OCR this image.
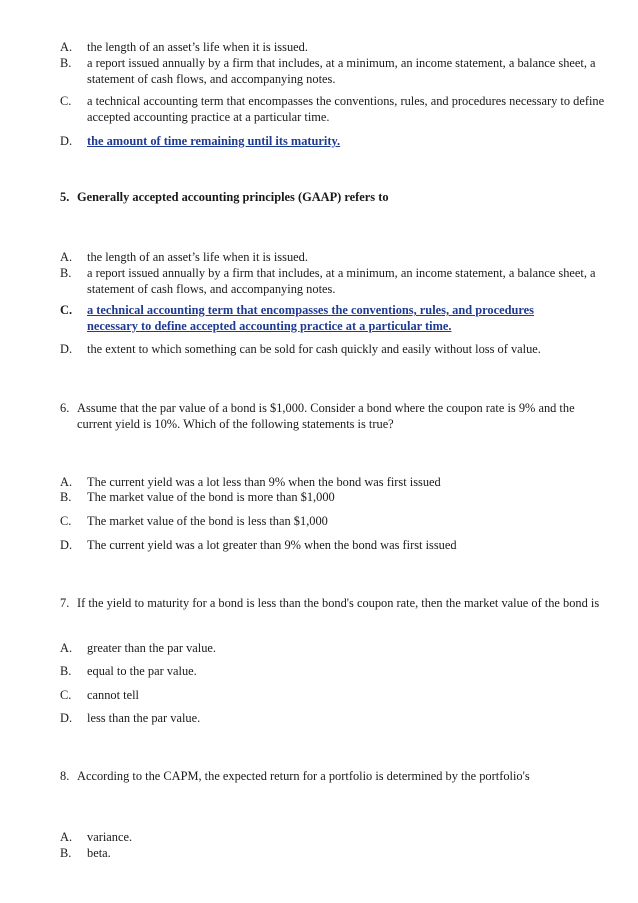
A.	the length of an asset’s life when it is issued.
B.	a report issued annually by a firm that includes, at a minimum, an income statement, a balance sheet, a statement of cash flows, and accompanying notes.
C.	a technical accounting term that encompasses the conventions, rules, and procedures necessary to define accepted accounting practice at a particular time.
D.	the amount of time remaining until its maturity.
5. Generally accepted accounting principles (GAAP) refers to
A.	the length of an asset’s life when it is issued.
B.	a report issued annually by a firm that includes, at a minimum, an income statement, a balance sheet, a statement of cash flows, and accompanying notes.
C.	a technical accounting term that encompasses the conventions, rules, and procedures necessary to define accepted accounting practice at a particular time.
D.	the extent to which something can be sold for cash quickly and easily without loss of value.
6. Assume that the par value of a bond is $1,000. Consider a bond where the coupon rate is 9% and the current yield is 10%. Which of the following statements is true?
A.	The current yield was a lot less than 9% when the bond was first issued
B.	The market value of the bond is more than $1,000
C.	The market value of the bond is less than $1,000
D.	The current yield was a lot greater than 9% when the bond was first issued
7. If the yield to maturity for a bond is less than the bond's coupon rate, then the market value of the bond is
A.	greater than the par value.
B.	equal to the par value.
C.	cannot tell
D.	less than the par value.
8. According to the CAPM, the expected return for a portfolio is determined by the portfolio's
A.	variance.
B.	beta.
